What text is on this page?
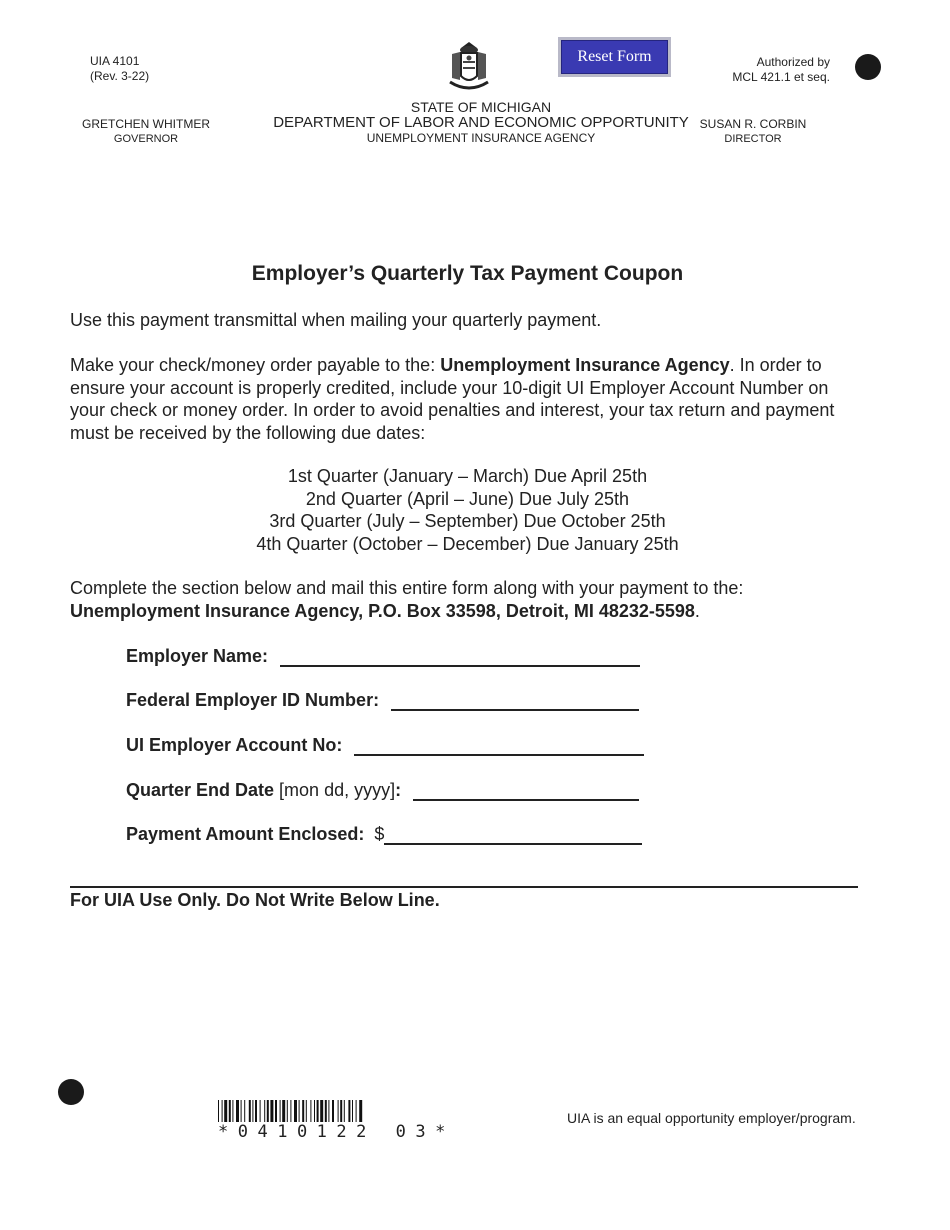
UIA 4101
(Rev. 3-22)
GRETCHEN WHITMER
GOVERNOR
Reset Form
STATE OF MICHIGAN
DEPARTMENT OF LABOR AND ECONOMIC OPPORTUNITY
UNEMPLOYMENT INSURANCE AGENCY
Authorized by
MCL 421.1 et seq.
SUSAN R. CORBIN
DIRECTOR
Employer’s Quarterly Tax Payment Coupon
Use this payment transmittal when mailing your quarterly payment.
Make your check/money order payable to the: Unemployment Insurance Agency. In order to ensure your account is properly credited, include your 10-digit UI Employer Account Number on your check or money order. In order to avoid penalties and interest, your tax return and payment must be received by the following due dates:
1st Quarter (January – March) Due April 25th
2nd Quarter (April – June) Due July 25th
3rd Quarter (July – September) Due October 25th
4th Quarter (October – December) Due January 25th
Complete the section below and mail this entire form along with your payment to the:
Unemployment Insurance Agency, P.O. Box 33598, Detroit, MI 48232-5598.
Employer Name:
Federal Employer ID Number:
UI Employer Account No:
Quarter End Date [mon dd, yyyy]:
Payment Amount Enclosed: $
For UIA Use Only. Do Not Write Below Line.
*0410122 03*
UIA is an equal opportunity employer/program.
